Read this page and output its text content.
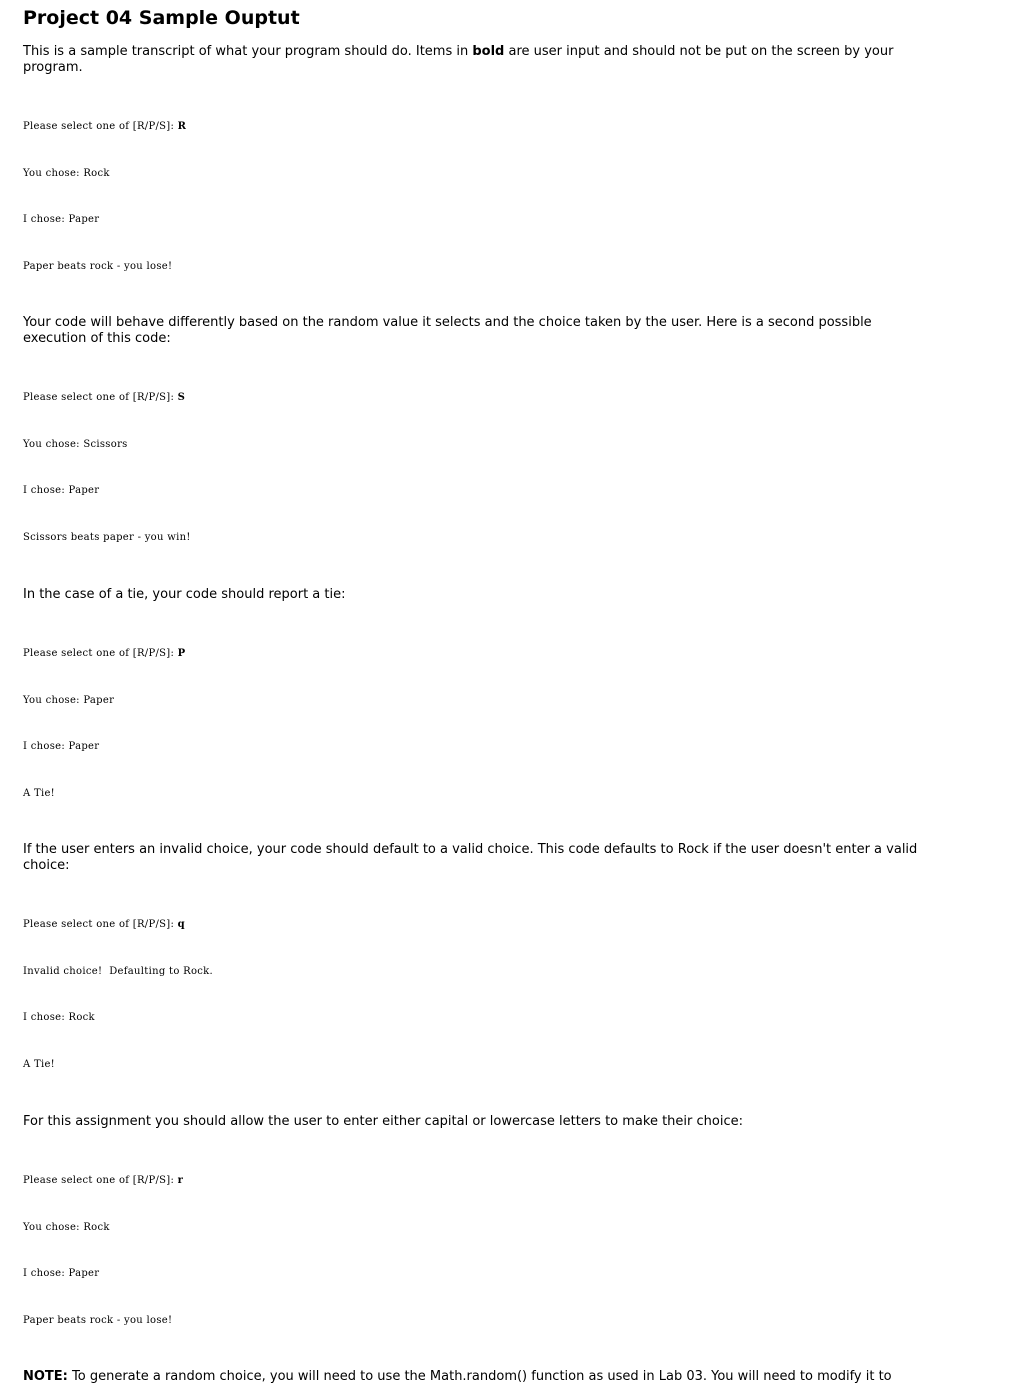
Project 04 Sample Ouptut

This is a sample transcript of what your program should do. Items in bold are user input and should not be put on the screen by your program.

Please select one of [R/P/S]: R

You chose: Rock

I chose: Paper

Paper beats rock - you lose!

Your code will behave differently based on the random value it selects and the choice taken by the user. Here is a second possible execution of this code:

Please select one of [R/P/S]: S

You chose: Scissors

I chose: Paper

Scissors beats paper - you win!

In the case of a tie, your code should report a tie:

Please select one of [R/P/S]: P

You chose: Paper

I chose: Paper

A Tie!

If the user enters an invalid choice, your code should default to a valid choice. This code defaults to Rock if the user doesn't enter a valid choice:

Please select one of [R/P/S]: q

Invalid choice!  Defaulting to Rock.

I chose: Rock

A Tie!

For this assignment you should allow the user to enter either capital or lowercase letters to make their choice:

Please select one of [R/P/S]: r

You chose: Rock

I chose: Paper

Paper beats rock - you lose!

NOTE: To generate a random choice, you will need to use the Math.random() function as used in Lab 03. You will need to modify it to
